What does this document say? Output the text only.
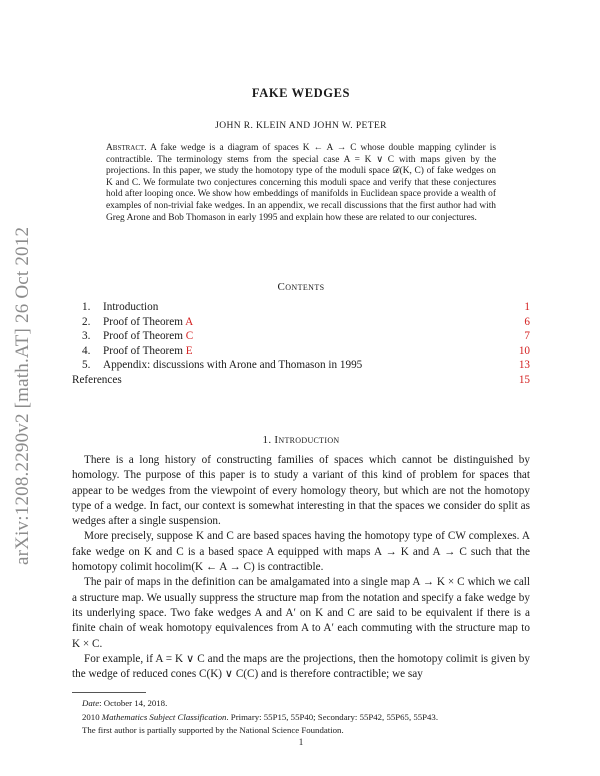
arXiv:1208.2290v2 [math.AT] 26 Oct 2012
FAKE WEDGES
JOHN R. KLEIN AND JOHN W. PETER
Abstract. A fake wedge is a diagram of spaces K ← A → C whose double mapping cylinder is contractible. The terminology stems from the special case A = K ∨ C with maps given by the projections. In this paper, we study the homotopy type of the moduli space 𝒟(K, C) of fake wedges on K and C. We formulate two conjectures concerning this moduli space and verify that these conjectures hold after looping once. We show how embeddings of manifolds in Euclidean space provide a wealth of examples of non-trivial fake wedges. In an appendix, we recall discussions that the first author had with Greg Arone and Bob Thomason in early 1995 and explain how these are related to our conjectures.
Contents
1. Introduction	1
2. Proof of Theorem A	6
3. Proof of Theorem C	7
4. Proof of Theorem E	10
5. Appendix: discussions with Arone and Thomason in 1995	13
References	15
1. Introduction

There is a long history of constructing families of spaces which cannot be distinguished by homology. The purpose of this paper is to study a variant of this kind of problem for spaces that appear to be wedges from the viewpoint of every homology theory, but which are not the homotopy type of a wedge. In fact, our context is somewhat interesting in that the spaces we consider do split as wedges after a single suspension.

More precisely, suppose K and C are based spaces having the homotopy type of CW complexes. A fake wedge on K and C is a based space A equipped with maps A → K and A → C such that the homotopy colimit hocolim(K ← A → C) is contractible.

The pair of maps in the definition can be amalgamated into a single map A → K × C which we call a structure map. We usually suppress the structure map from the notation and specify a fake wedge by its underlying space. Two fake wedges A and A′ on K and C are said to be equivalent if there is a finite chain of weak homotopy equivalences from A to A′ each commuting with the structure map to K × C.

For example, if A = K ∨ C and the maps are the projections, then the homotopy colimit is given by the wedge of reduced cones C(K) ∨ C(C) and is therefore contractible; we say

Date: October 14, 2018.
2010 Mathematics Subject Classification. Primary: 55P15, 55P40; Secondary: 55P42, 55P65, 55P43.
The first author is partially supported by the National Science Foundation.
1
